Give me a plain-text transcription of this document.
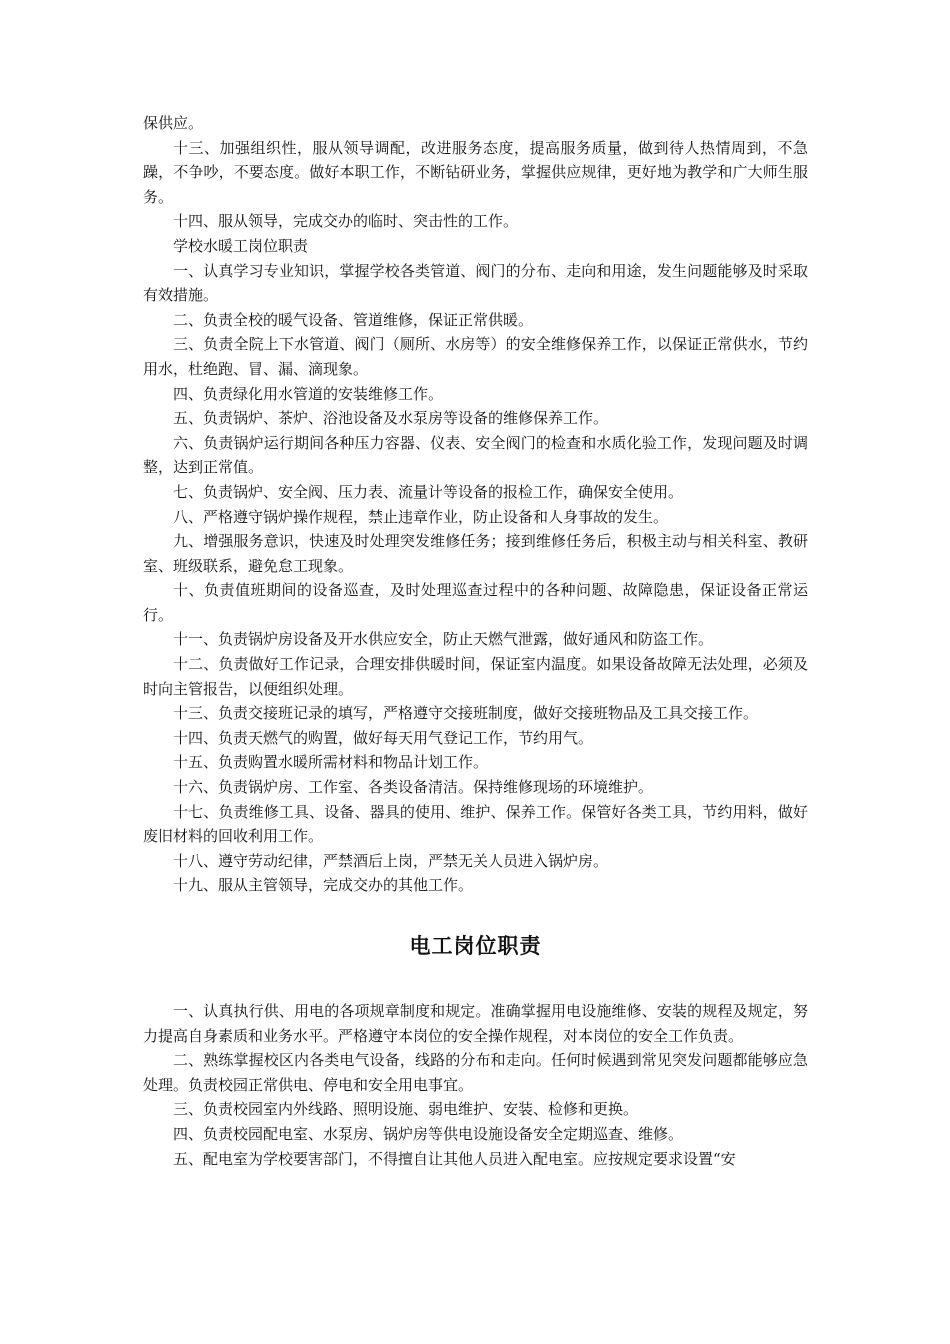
保供应。

十三、加强组织性，服从领导调配，改进服务态度，提高服务质量，做到待人热情周到，不急躁，不争吵，不要态度。做好本职工作，不断钻研业务，掌握供应规律，更好地为教学和广大师生服务。

十四、服从领导，完成交办的临时、突击性的工作。

学校水暖工岗位职责

一、认真学习专业知识，掌握学校各类管道、阀门的分布、走向和用途，发生问题能够及时采取有效措施。

二、负责全校的暖气设备、管道维修，保证正常供暖。

三、负责全院上下水管道、阀门（厕所、水房等）的安全维修保养工作，以保证正常供水，节约用水，杜绝跑、冒、漏、滴现象。

四、负责绿化用水管道的安装维修工作。

五、负责锅炉、茶炉、浴池设备及水泵房等设备的维修保养工作。

六、负责锅炉运行期间各种压力容器、仪表、安全阀门的检查和水质化验工作，发现问题及时调整，达到正常值。

七、负责锅炉、安全阀、压力表、流量计等设备的报检工作，确保安全使用。

八、严格遵守锅炉操作规程，禁止违章作业，防止设备和人身事故的发生。

九、增强服务意识，快速及时处理突发维修任务；接到维修任务后，积极主动与相关科室、教研室、班级联系，避免怠工现象。

十、负责值班期间的设备巡查，及时处理巡查过程中的各种问题、故障隐患，保证设备正常运行。

十一、负责锅炉房设备及开水供应安全，防止天燃气泄露，做好通风和防盗工作。

十二、负责做好工作记录，合理安排供暖时间，保证室内温度。如果设备故障无法处理，必须及时向主管报告，以便组织处理。

十三、负责交接班记录的填写，严格遵守交接班制度，做好交接班物品及工具交接工作。

十四、负责天燃气的购置，做好每天用气登记工作，节约用气。

十五、负责购置水暖所需材料和物品计划工作。

十六、负责锅炉房、工作室、各类设备清洁。保持维修现场的环境维护。

十七、负责维修工具、设备、器具的使用、维护、保养工作。保管好各类工具，节约用料，做好废旧材料的回收利用工作。

十八、遵守劳动纪律，严禁酒后上岗，严禁无关人员进入锅炉房。

十九、服从主管领导，完成交办的其他工作。

电工岗位职责

一、认真执行供、用电的各项规章制度和规定。准确掌握用电设施维修、安装的规程及规定，努力提高自身素质和业务水平。严格遵守本岗位的安全操作规程，对本岗位的安全工作负责。

二、熟练掌握校区内各类电气设备，线路的分布和走向。任何时候遇到常见突发问题都能够应急处理。负责校园正常供电、停电和安全用电事宜。

三、负责校园室内外线路、照明设施、弱电维护、安装、检修和更换。

四、负责校园配电室、水泵房、锅炉房等供电设施设备安全定期巡查、维修。

五、配电室为学校要害部门，不得擅自让其他人员进入配电室。应按规定要求设置“安
